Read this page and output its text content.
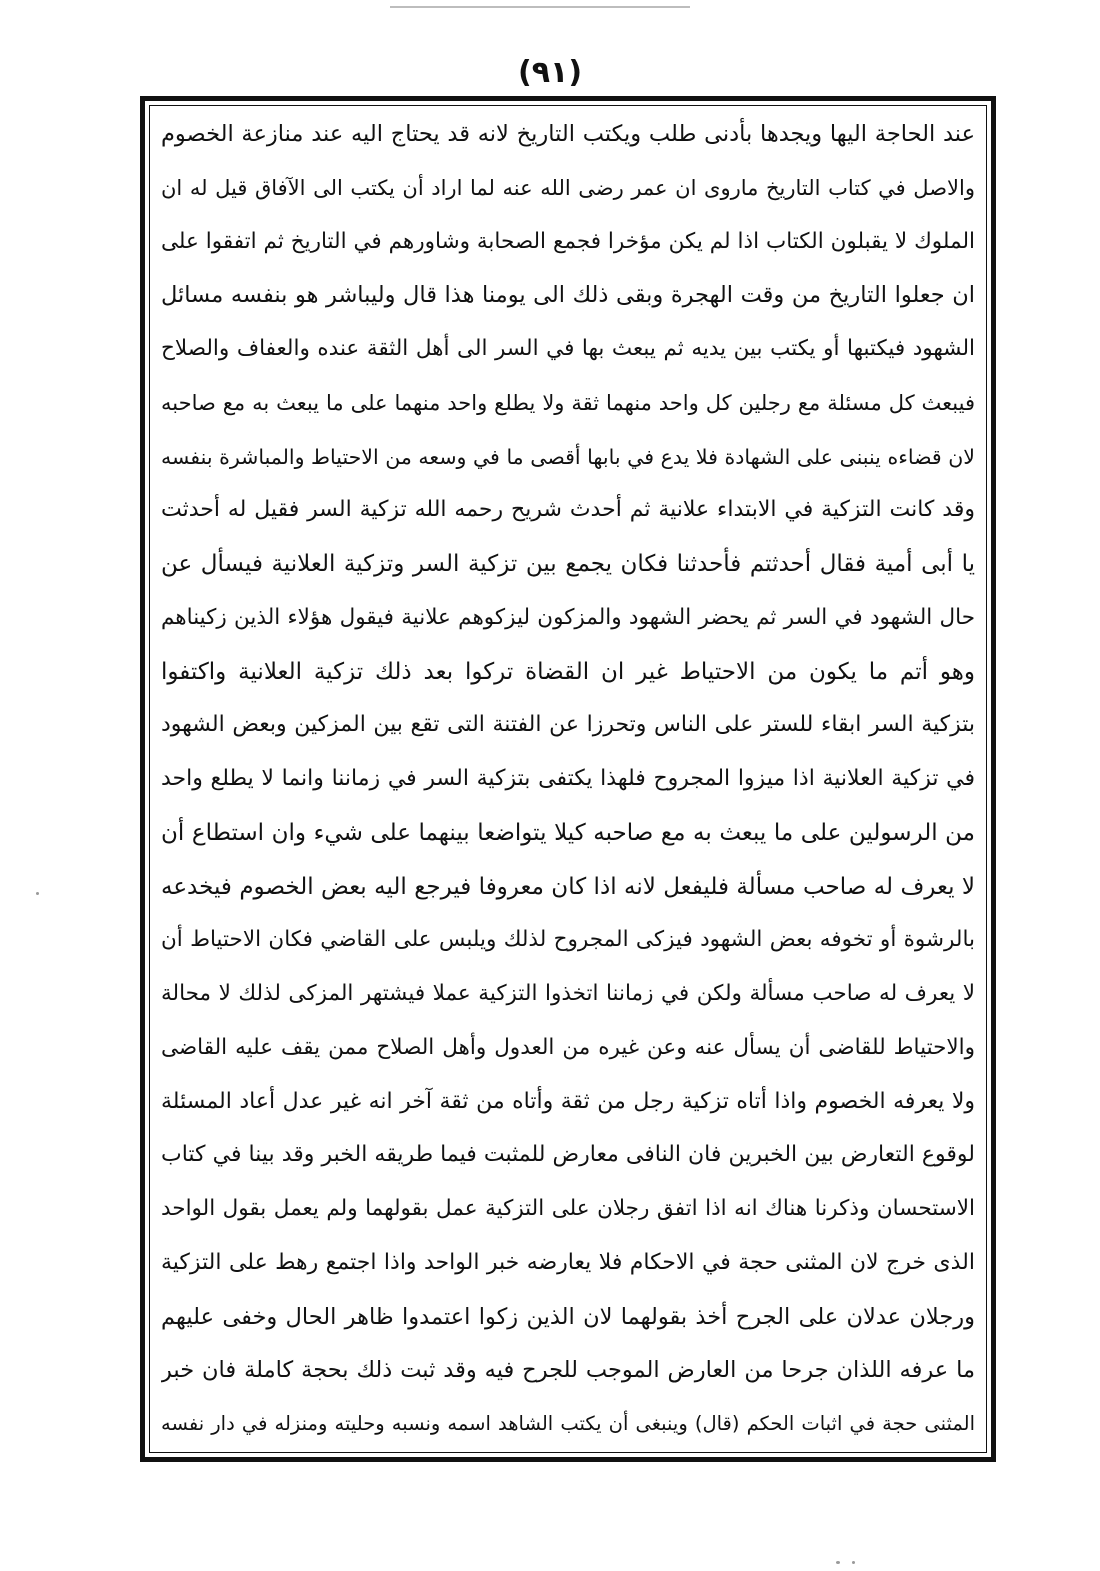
(٩١)
عند الحاجة اليها ويجدها بأدنى طلب ويكتب التاريخ لانه قد يحتاج اليه عند منازعة الخصوم
والاصل في كتاب التاريخ ماروى ان عمر رضى الله عنه لما اراد أن يكتب الى الآفاق قيل له ان
الملوك لا يقبلون الكتاب اذا لم يكن مؤخرا فجمع الصحابة وشاورهم في التاريخ ثم اتفقوا على
ان جعلوا التاريخ من وقت الهجرة وبقى ذلك الى يومنا هذا قال وليباشر هو بنفسه مسائل
الشهود فيكتبها أو يكتب بين يديه ثم يبعث بها في السر الى أهل الثقة عنده والعفاف والصلاح
فيبعث كل مسئلة مع رجلين كل واحد منهما ثقة ولا يطلع واحد منهما على ما يبعث به مع صاحبه
لان قضاءه ينبنى على الشهادة فلا يدع في بابها أقصى ما في وسعه من الاحتياط والمباشرة بنفسه
وقد كانت التزكية في الابتداء علانية ثم أحدث شريح رحمه الله تزكية السر فقيل له أحدثت
يا أبى أمية فقال أحدثتم فأحدثنا فكان يجمع بين تزكية السر وتزكية العلانية فيسأل عن
حال الشهود في السر ثم يحضر الشهود والمزكون ليزكوهم علانية فيقول هؤلاء الذين زكيناهم
وهو أتم ما يكون من الاحتياط غير ان القضاة تركوا بعد ذلك تزكية العلانية واكتفوا
بتزكية السر ابقاء للستر على الناس وتحرزا عن الفتنة التى تقع بين المزكين وبعض الشهود
في تزكية العلانية اذا ميزوا المجروح فلهذا يكتفى بتزكية السر في زماننا وانما لا يطلع واحد
من الرسولين على ما يبعث به مع صاحبه كيلا يتواضعا بينهما على شيء وان استطاع أن
لا يعرف له صاحب مسألة فليفعل لانه اذا كان معروفا فيرجع اليه بعض الخصوم فيخدعه
بالرشوة أو تخوفه بعض الشهود فيزكى المجروح لذلك ويلبس على القاضي فكان الاحتياط أن
لا يعرف له صاحب مسألة ولكن في زماننا اتخذوا التزكية عملا فيشتهر المزكى لذلك لا محالة
والاحتياط للقاضى أن يسأل عنه وعن غيره من العدول وأهل الصلاح ممن يقف عليه القاضى
ولا يعرفه الخصوم واذا أتاه تزكية رجل من ثقة وأتاه من ثقة آخر انه غير عدل أعاد المسئلة
لوقوع التعارض بين الخبرين فان النافى معارض للمثبت فيما طريقه الخبر وقد بينا في كتاب
الاستحسان وذكرنا هناك انه اذا اتفق رجلان على التزكية عمل بقولهما ولم يعمل بقول الواحد
الذى خرج لان المثنى حجة في الاحكام فلا يعارضه خبر الواحد واذا اجتمع رهط على التزكية
ورجلان عدلان على الجرح أخذ بقولهما لان الذين زكوا اعتمدوا ظاهر الحال وخفى عليهم
ما عرفه اللذان جرحا من العارض الموجب للجرح فيه وقد ثبت ذلك بحجة كاملة فان خبر
المثنى حجة في اثبات الحكم (قال) وينبغى أن يكتب الشاهد اسمه ونسبه وحليته ومنزله في دار نفسه
